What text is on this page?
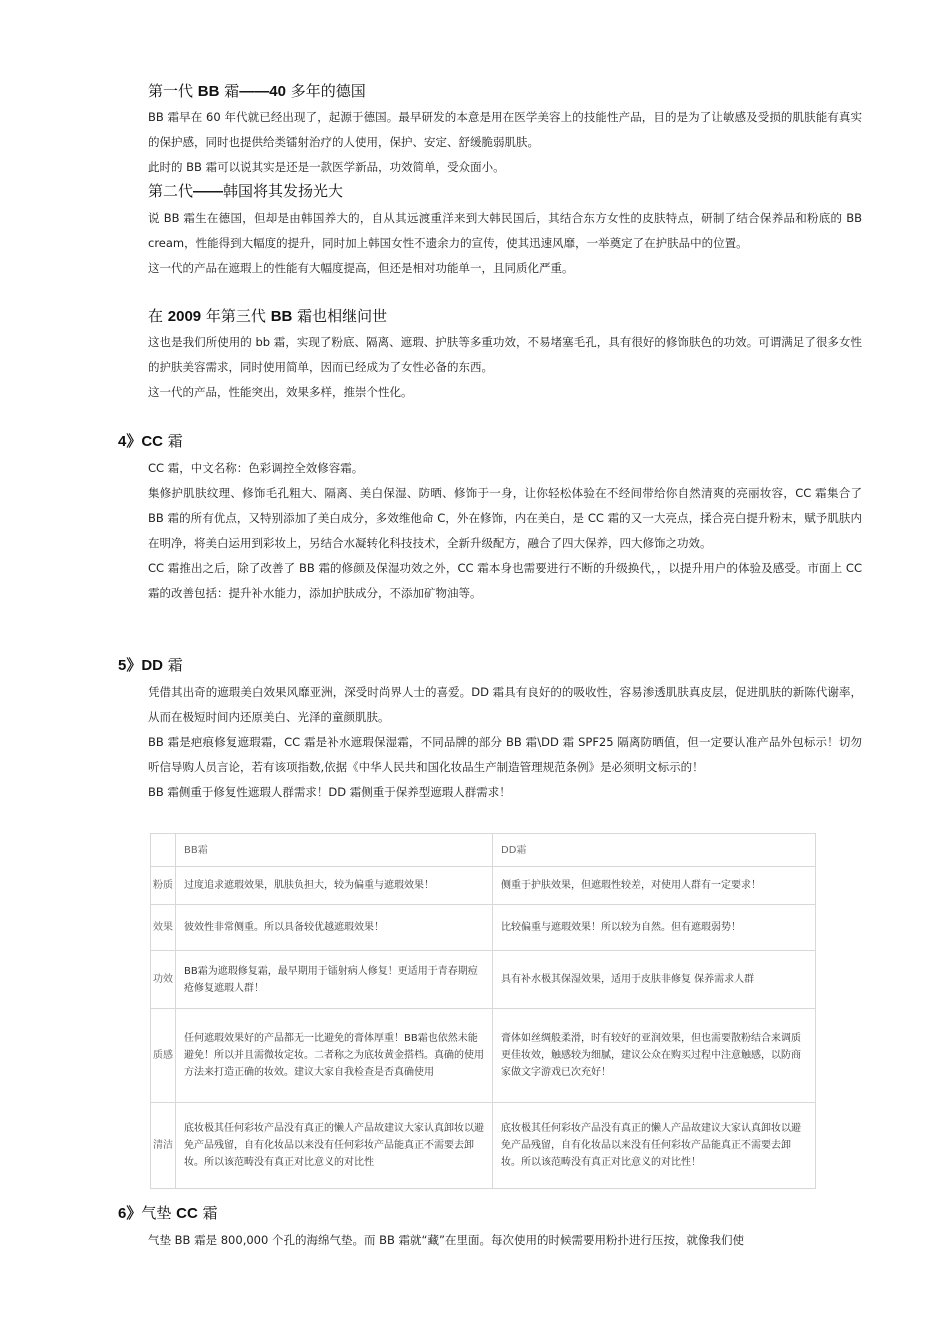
第一代 BB 霜——40 多年的德国

BB 霜早在 60 年代就已经出现了，起源于德国。最早研发的本意是用在医学美容上的技能性产品，目的是为了让敏感及受损的肌肤能有真实的保护感，同时也提供给类镭射治疗的人使用，保护、安定、舒缓脆弱肌肤。

此时的 BB 霜可以说其实是还是一款医学新品，功效简单，受众面小。

第二代——韩国将其发扬光大

说 BB 霜生在德国，但却是由韩国养大的，自从其远渡重洋来到大韩民国后，其结合东方女性的皮肤特点，研制了结合保养品和粉底的 BB cream，性能得到大幅度的提升，同时加上韩国女性不遗余力的宣传，使其迅速风靡，一举奠定了在护肤品中的位置。

这一代的产品在遮瑕上的性能有大幅度提高，但还是相对功能单一，且同质化严重。

在 2009 年第三代 BB 霜也相继问世

这也是我们所使用的 bb 霜，实现了粉底、隔离、遮瑕、护肤等多重功效，不易堵塞毛孔，具有很好的修饰肤色的功效。可谓满足了很多女性的护肤美容需求，同时使用简单，因而已经成为了女性必备的东西。

这一代的产品，性能突出，效果多样，推崇个性化。

4》CC 霜

CC 霜，中文名称：色彩调控全效修容霜。

集修护肌肤纹理、修饰毛孔粗大、隔离、美白保湿、防晒、修饰于一身，让你轻松体验在不经间带给你自然清爽的亮丽妆容，CC 霜集合了 BB 霜的所有优点，又特别添加了美白成分，多效维他命 C，外在修饰，内在美白，是 CC 霜的又一大亮点，揉合亮白提升粉末，赋予肌肤内在明净，将美白运用到彩妆上，另结合水凝转化科技技术，全新升级配方，融合了四大保养，四大修饰之功效。

CC 霜推出之后，除了改善了 BB 霜的修颜及保湿功效之外，CC 霜本身也需要进行不断的升级换代，，以提升用户的体验及感受。市面上 CC 霜的改善包括：提升补水能力，添加护肤成分，不添加矿物油等。

5》DD 霜

凭借其出奇的遮瑕美白效果风靡亚洲，深受时尚界人士的喜爱。DD 霜具有良好的的吸收性，容易渗透肌肤真皮层，促进肌肤的新陈代谢率，从而在极短时间内还原美白、光泽的童颜肌肤。

BB 霜是疤痕修复遮瑕霜，CC 霜是补水遮瑕保湿霜，不同品牌的部分 BB 霜\DD 霜 SPF25 隔离防晒值，但一定要认准产品外包标示！切勿听信导购人员言论，若有该项指数,依据《中华人民共和国化妆品生产制造管理规范条例》是必须明文标示的！

BB 霜侧重于修复性遮瑕人群需求！DD 霜侧重于保养型遮瑕人群需求！

	BB霜	DD霜
粉质	过度追求遮瑕效果，肌肤负担大，较为偏重与遮瑕效果！	侧重于护肤效果，但遮瑕性较差，对使用人群有一定要求！
效果	彼效性非常侧重。所以具备较优越遮瑕效果！	比较偏重与遮瑕效果！所以较为自然。但有遮瑕弱势！
功效	BB霜为遮瑕修复霜，最早期用于镭射病人修复！更适用于青春期痘疮修复遮瑕人群！	具有补水极其保湿效果，适用于皮肤非修复 保养需求人群
质感	任何遮瑕效果好的产品都无一比避免的膏体厚重！BB霜也依然未能避免！所以并且需微妆定妆。二者称之为底妆黄金搭档。真确的使用方法来打造正确的妆效。建议大家自我检查是否真确使用	膏体如丝绸般柔滑，时有较好的亚润效果，但也需要散粉结合来调质更佳妆效，触感较为细腻，建议公众在购买过程中注意触感，以防商家做文字游戏已次充好！
清洁	底妆极其任何彩妆产品没有真正的懒人产品故建议大家认真卸妆以避免产品残留，自有化妆品以来没有任何彩妆产品能真正不需要去卸妆。所以该范畴没有真正对比意义的对比性	底妆极其任何彩妆产品没有真正的懒人产品故建议大家认真卸妆以避免产品残留，自有化妆品以来没有任何彩妆产品能真正不需要去卸妆。所以该范畴没有真正对比意义的对比性！

6》气垫 CC 霜

气垫 BB 霜是 800,000 个孔的海绵气垫。而 BB 霜就“藏”在里面。每次使用的时候需要用粉扑进行压按，就像我们使
